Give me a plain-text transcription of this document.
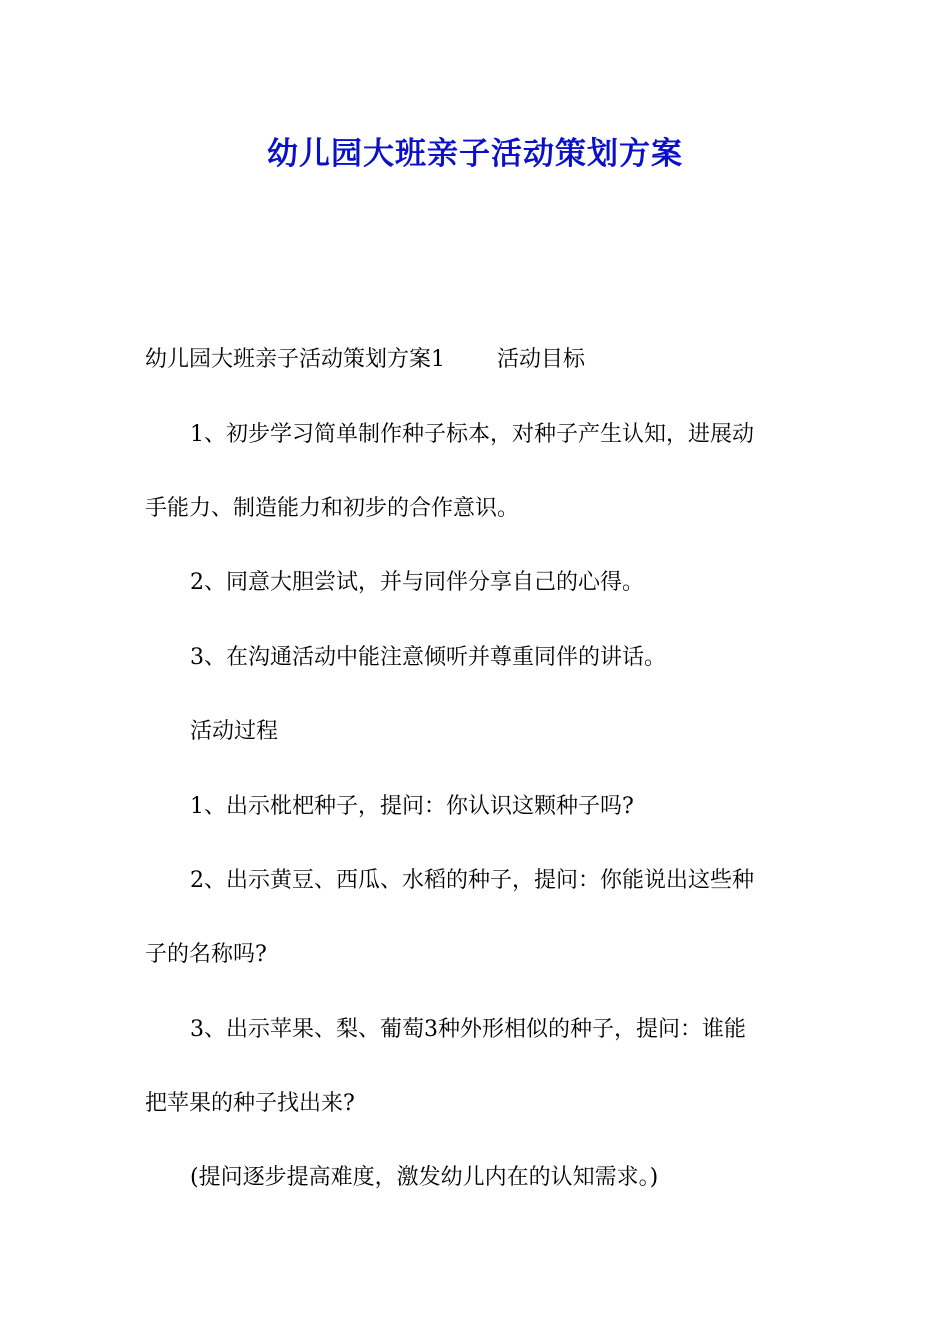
幼儿园大班亲子活动策划方案

幼儿园大班亲子活动策划方案1 活动目标

1、初步学习简单制作种子标本，对种子产生认知，进展动

手能力、制造能力和初步的合作意识。

2、同意大胆尝试，并与同伴分享自己的心得。

3、在沟通活动中能注意倾听并尊重同伴的讲话。

活动过程

1、出示枇杷种子，提问：你认识这颗种子吗?

2、出示黄豆、西瓜、水稻的种子，提问：你能说出这些种

子的名称吗?

3、出示苹果、梨、葡萄3种外形相似的种子，提问：谁能

把苹果的种子找出来?

(提问逐步提高难度，激发幼儿内在的认知需求。)
